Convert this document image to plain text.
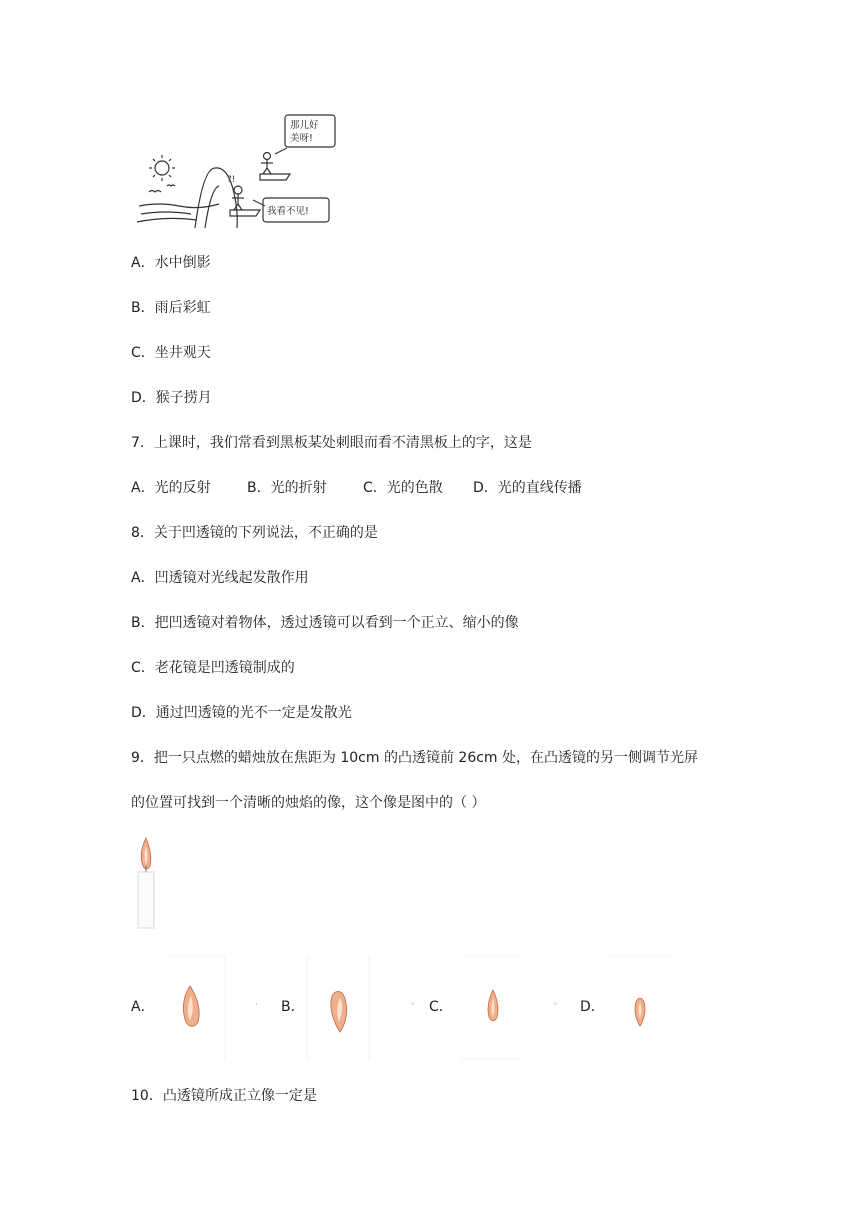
?!
那儿好
美呀!
我看不见!
A．水中倒影
B．雨后彩虹
C．坐井观天
D．猴子捞月
7．上课时，我们常看到黑板某处刺眼而看不清黑板上的字，这是
A．光的反射	B．光的折射	C．光的色散 D．光的直线传播
8．关于凹透镜的下列说法，不正确的是
A．凹透镜对光线起发散作用
B．把凹透镜对着物体，透过透镜可以看到一个正立、缩小的像
C．老花镜是凹透镜制成的
D．通过凹透镜的光不一定是发散光
9．把一只点燃的蜡烛放在焦距为 10cm 的凸透镜前 26cm 处，在凸透镜的另一侧调节光屏
的位置可找到一个清晰的烛焰的像，这个像是图中的（ ）
A．	· B．	◦ C．	◦ D．
10．凸透镜所成正立像一定是
